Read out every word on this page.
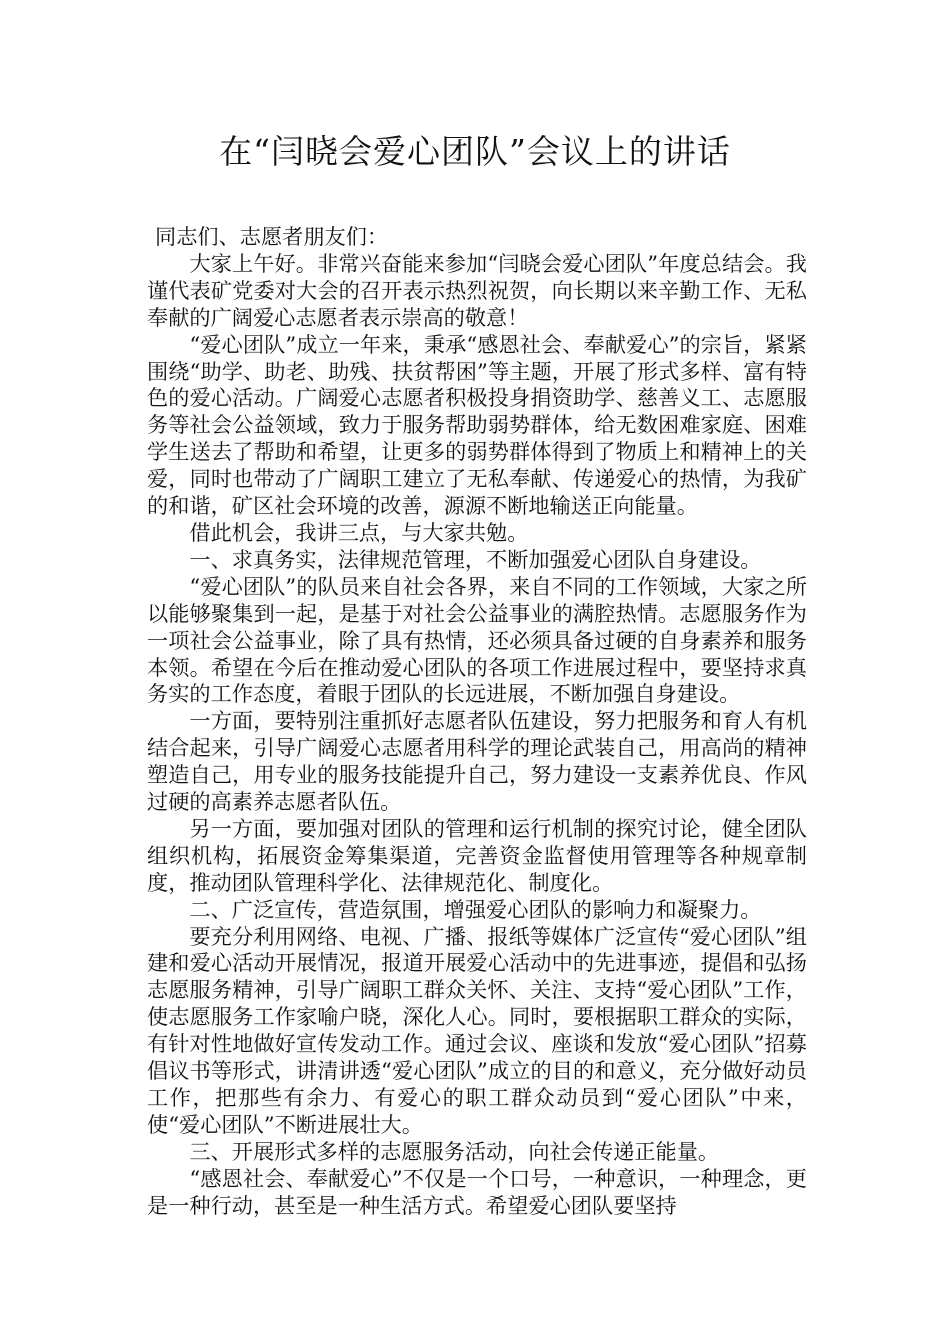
在“闫晓会爱心团队”会议上的讲话

同志们、志愿者朋友们：

大家上午好。非常兴奋能来参加“闫晓会爱心团队”年度总结会。我谨代表矿党委对大会的召开表示热烈祝贺，向长期以来辛勤工作、无私奉献的广阔爱心志愿者表示崇高的敬意！

“爱心团队”成立一年来，秉承“感恩社会、奉献爱心”的宗旨，紧紧围绕“助学、助老、助残、扶贫帮困”等主题，开展了形式多样、富有特色的爱心活动。广阔爱心志愿者积极投身捐资助学、慈善义工、志愿服务等社会公益领域，致力于服务帮助弱势群体，给无数困难家庭、困难学生送去了帮助和希望，让更多的弱势群体得到了物质上和精神上的关爱，同时也带动了广阔职工建立了无私奉献、传递爱心的热情，为我矿的和谐，矿区社会环境的改善，源源不断地输送正向能量。

借此机会，我讲三点，与大家共勉。

一、求真务实，法律规范管理，不断加强爱心团队自身建设。

“爱心团队”的队员来自社会各界，来自不同的工作领域，大家之所以能够聚集到一起，是基于对社会公益事业的满腔热情。志愿服务作为一项社会公益事业，除了具有热情，还必须具备过硬的自身素养和服务本领。希望在今后在推动爱心团队的各项工作进展过程中，要坚持求真务实的工作态度，着眼于团队的长远进展，不断加强自身建设。

一方面，要特别注重抓好志愿者队伍建设，努力把服务和育人有机结合起来，引导广阔爱心志愿者用科学的理论武装自己，用高尚的精神塑造自己，用专业的服务技能提升自己，努力建设一支素养优良、作风过硬的高素养志愿者队伍。

另一方面，要加强对团队的管理和运行机制的探究讨论，健全团队组织机构，拓展资金筹集渠道，完善资金监督使用管理等各种规章制度，推动团队管理科学化、法律规范化、制度化。

二、广泛宣传，营造氛围，增强爱心团队的影响力和凝聚力。

要充分利用网络、电视、广播、报纸等媒体广泛宣传“爱心团队”组建和爱心活动开展情况，报道开展爱心活动中的先进事迹，提倡和弘扬志愿服务精神，引导广阔职工群众关怀、关注、支持“爱心团队”工作，使志愿服务工作家喻户晓，深化人心。同时，要根据职工群众的实际，有针对性地做好宣传发动工作。通过会议、座谈和发放“爱心团队”招募倡议书等形式，讲清讲透“爱心团队”成立的目的和意义，充分做好动员工作，把那些有余力、有爱心的职工群众动员到“爱心团队”中来，使“爱心团队”不断进展壮大。

三、开展形式多样的志愿服务活动，向社会传递正能量。

“感恩社会、奉献爱心”不仅是一个口号，一种意识，一种理念，更是一种行动，甚至是一种生活方式。希望爱心团队要坚持
